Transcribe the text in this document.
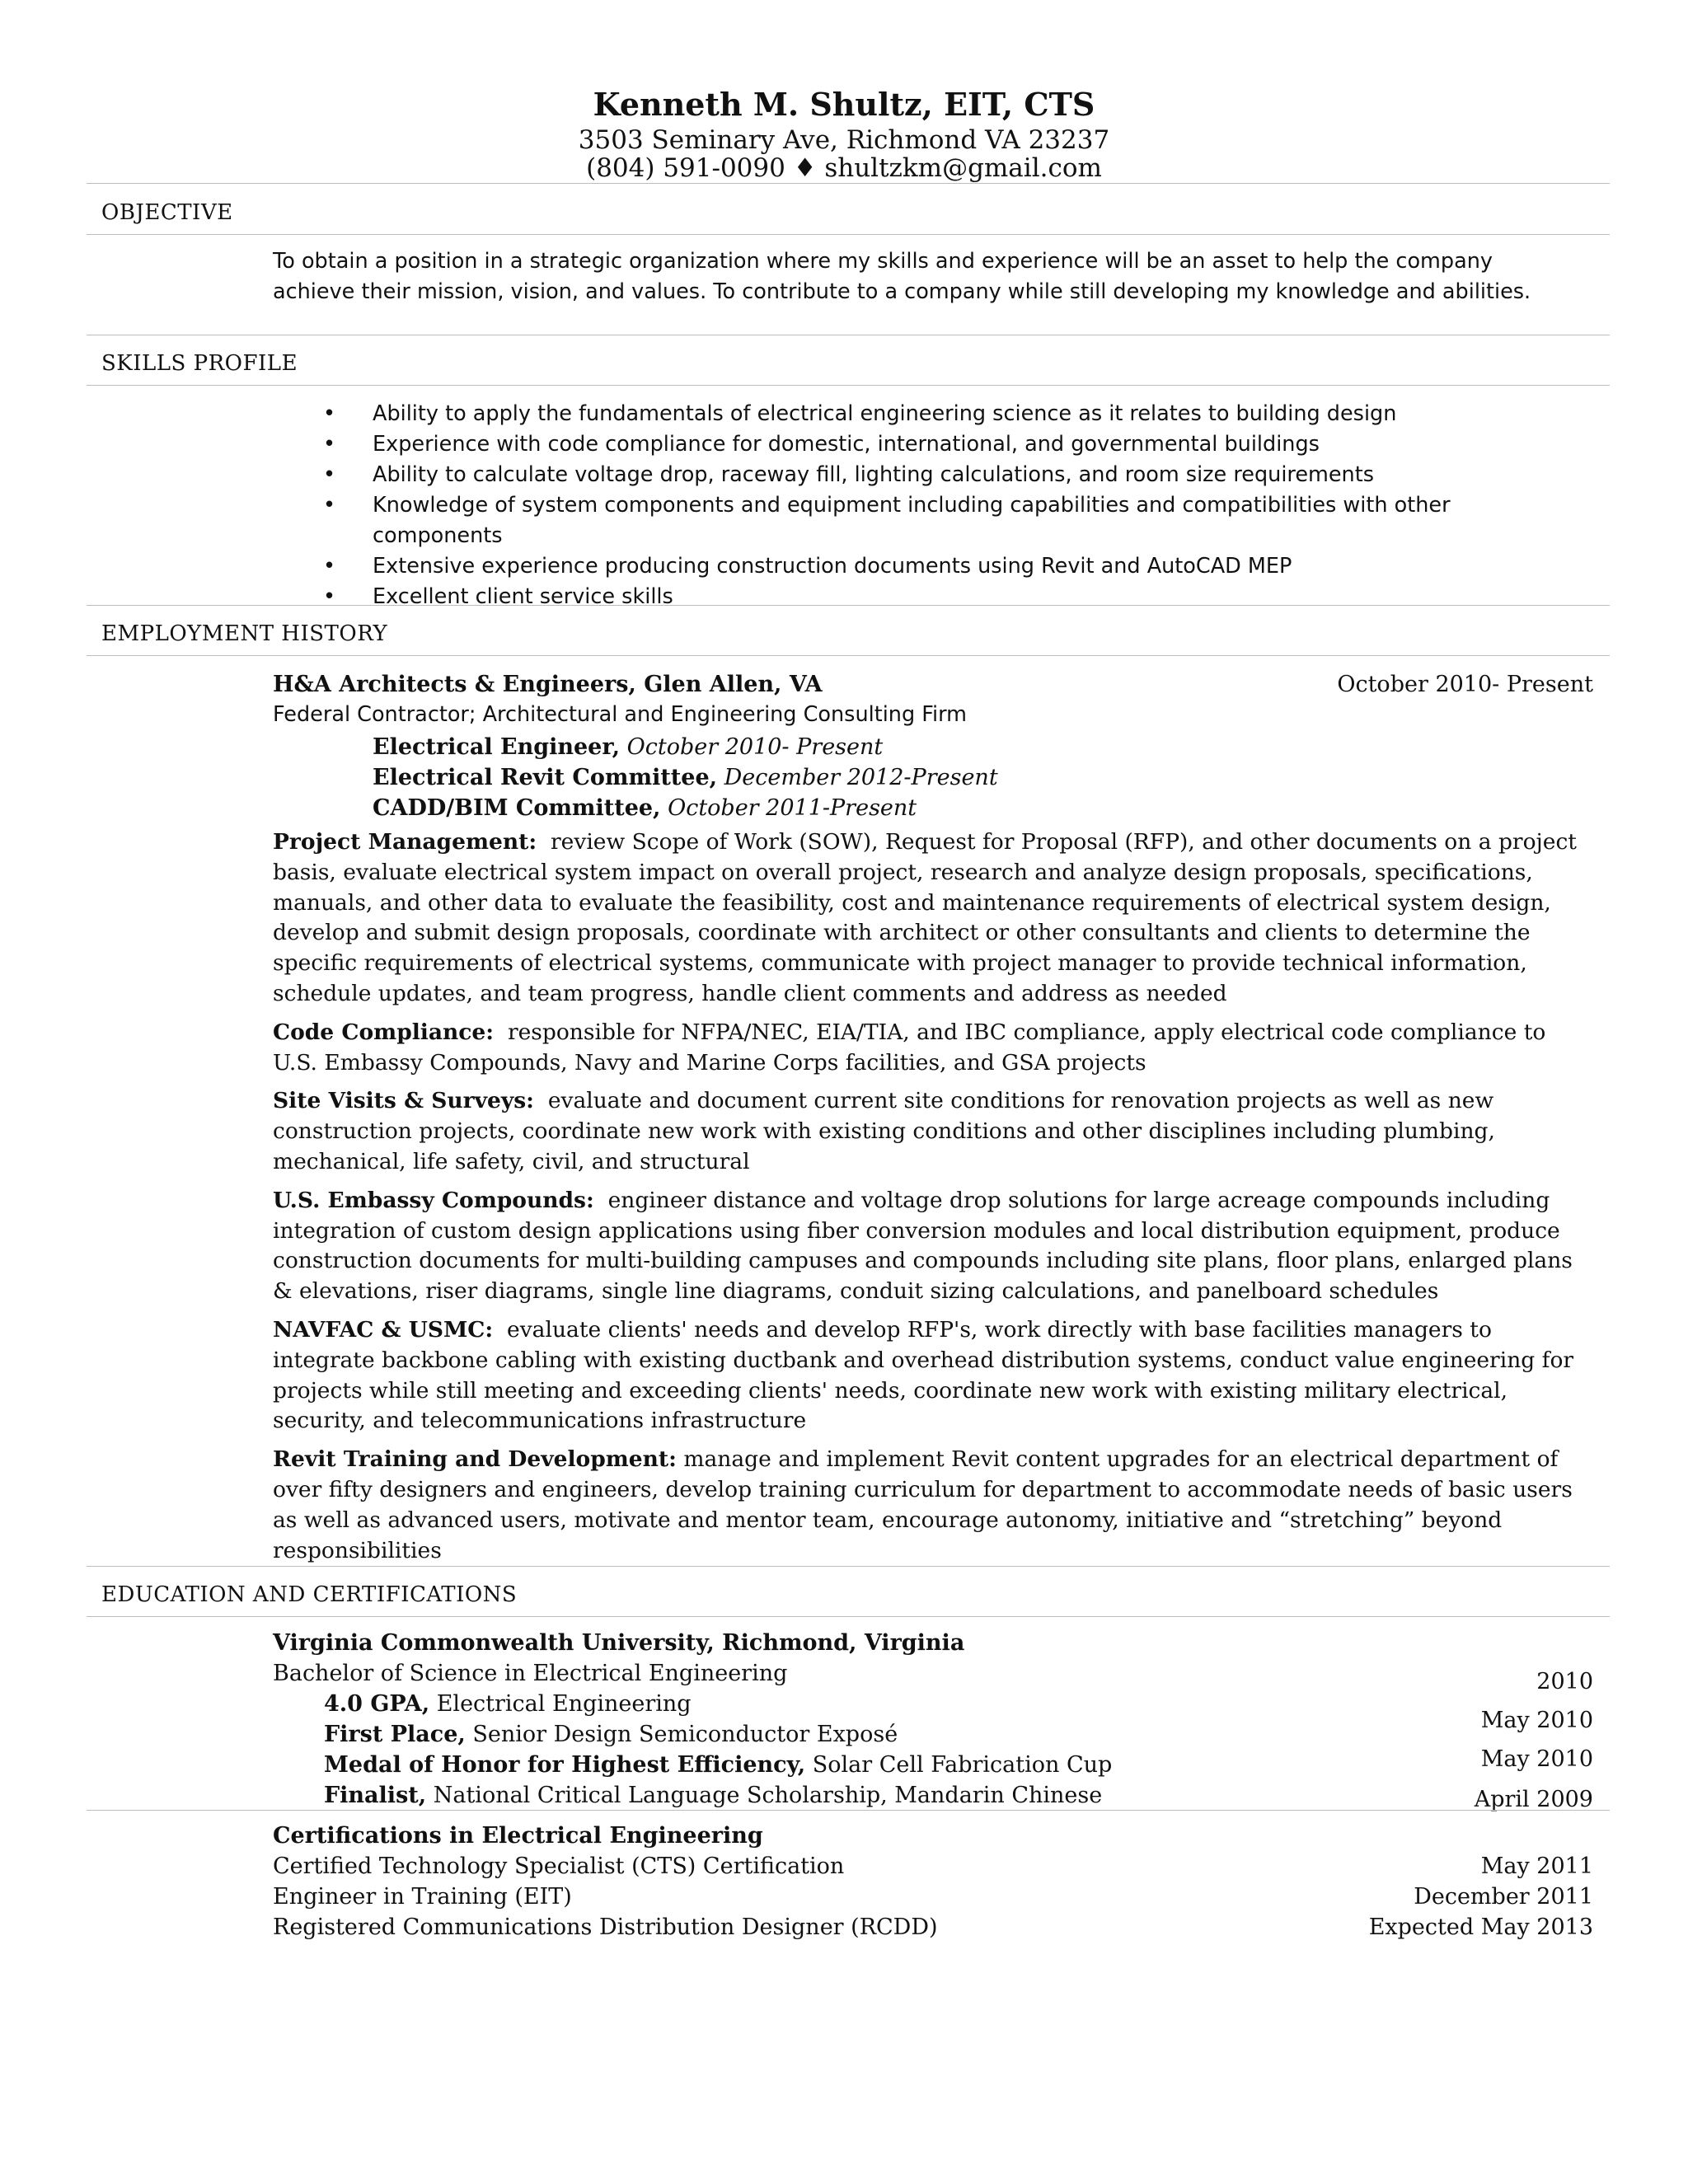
Kenneth M. Shultz, EIT, CTS
3503 Seminary Ave, Richmond VA 23237
(804) 591-0090 ♦ shultzkm@gmail.com
OBJECTIVE
To obtain a position in a strategic organization where my skills and experience will be an asset to help the company achieve their mission, vision, and values. To contribute to a company while still developing my knowledge and abilities.
SKILLS PROFILE
• Ability to apply the fundamentals of electrical engineering science as it relates to building design
• Experience with code compliance for domestic, international, and governmental buildings
• Ability to calculate voltage drop, raceway fill, lighting calculations, and room size requirements
• Knowledge of system components and equipment including capabilities and compatibilities with other components
• Extensive experience producing construction documents using Revit and AutoCAD MEP
• Excellent client service skills
EMPLOYMENT HISTORY
H&A Architects & Engineers, Glen Allen, VA	October 2010- Present
Federal Contractor; Architectural and Engineering Consulting Firm
Electrical Engineer, October 2010- Present
Electrical Revit Committee, December 2012-Present
CADD/BIM Committee, October 2011-Present

Project Management: review Scope of Work (SOW), Request for Proposal (RFP), and other documents on a project basis, evaluate electrical system impact on overall project, research and analyze design proposals, specifications, manuals, and other data to evaluate the feasibility, cost and maintenance requirements of electrical system design, develop and submit design proposals, coordinate with architect or other consultants and clients to determine the specific requirements of electrical systems, communicate with project manager to provide technical information, schedule updates, and team progress, handle client comments and address as needed

Code Compliance: responsible for NFPA/NEC, EIA/TIA, and IBC compliance, apply electrical code compliance to U.S. Embassy Compounds, Navy and Marine Corps facilities, and GSA projects

Site Visits & Surveys: evaluate and document current site conditions for renovation projects as well as new construction projects, coordinate new work with existing conditions and other disciplines including plumbing, mechanical, life safety, civil, and structural

U.S. Embassy Compounds: engineer distance and voltage drop solutions for large acreage compounds including integration of custom design applications using fiber conversion modules and local distribution equipment, produce construction documents for multi-building campuses and compounds including site plans, floor plans, enlarged plans & elevations, riser diagrams, single line diagrams, conduit sizing calculations, and panelboard schedules

NAVFAC & USMC: evaluate clients' needs and develop RFP's, work directly with base facilities managers to integrate backbone cabling with existing ductbank and overhead distribution systems, conduct value engineering for projects while still meeting and exceeding clients' needs, coordinate new work with existing military electrical, security, and telecommunications infrastructure

Revit Training and Development: manage and implement Revit content upgrades for an electrical department of over fifty designers and engineers, develop training curriculum for department to accommodate needs of basic users as well as advanced users, motivate and mentor team, encourage autonomy, initiative and “stretching” beyond responsibilities

EDUCATION AND CERTIFICATIONS
Virginia Commonwealth University, Richmond, Virginia
Bachelor of Science in Electrical Engineering
4.0 GPA, Electrical Engineering
First Place, Senior Design Semiconductor Exposé
Medal of Honor for Highest Efficiency, Solar Cell Fabrication Cup
Finalist, National Critical Language Scholarship, Mandarin Chinese
2010
May 2010
May 2010
April 2009
Certifications in Electrical Engineering
Certified Technology Specialist (CTS) Certification
Engineer in Training (EIT)
Registered Communications Distribution Designer (RCDD)
May 2011
December 2011
Expected May 2013
